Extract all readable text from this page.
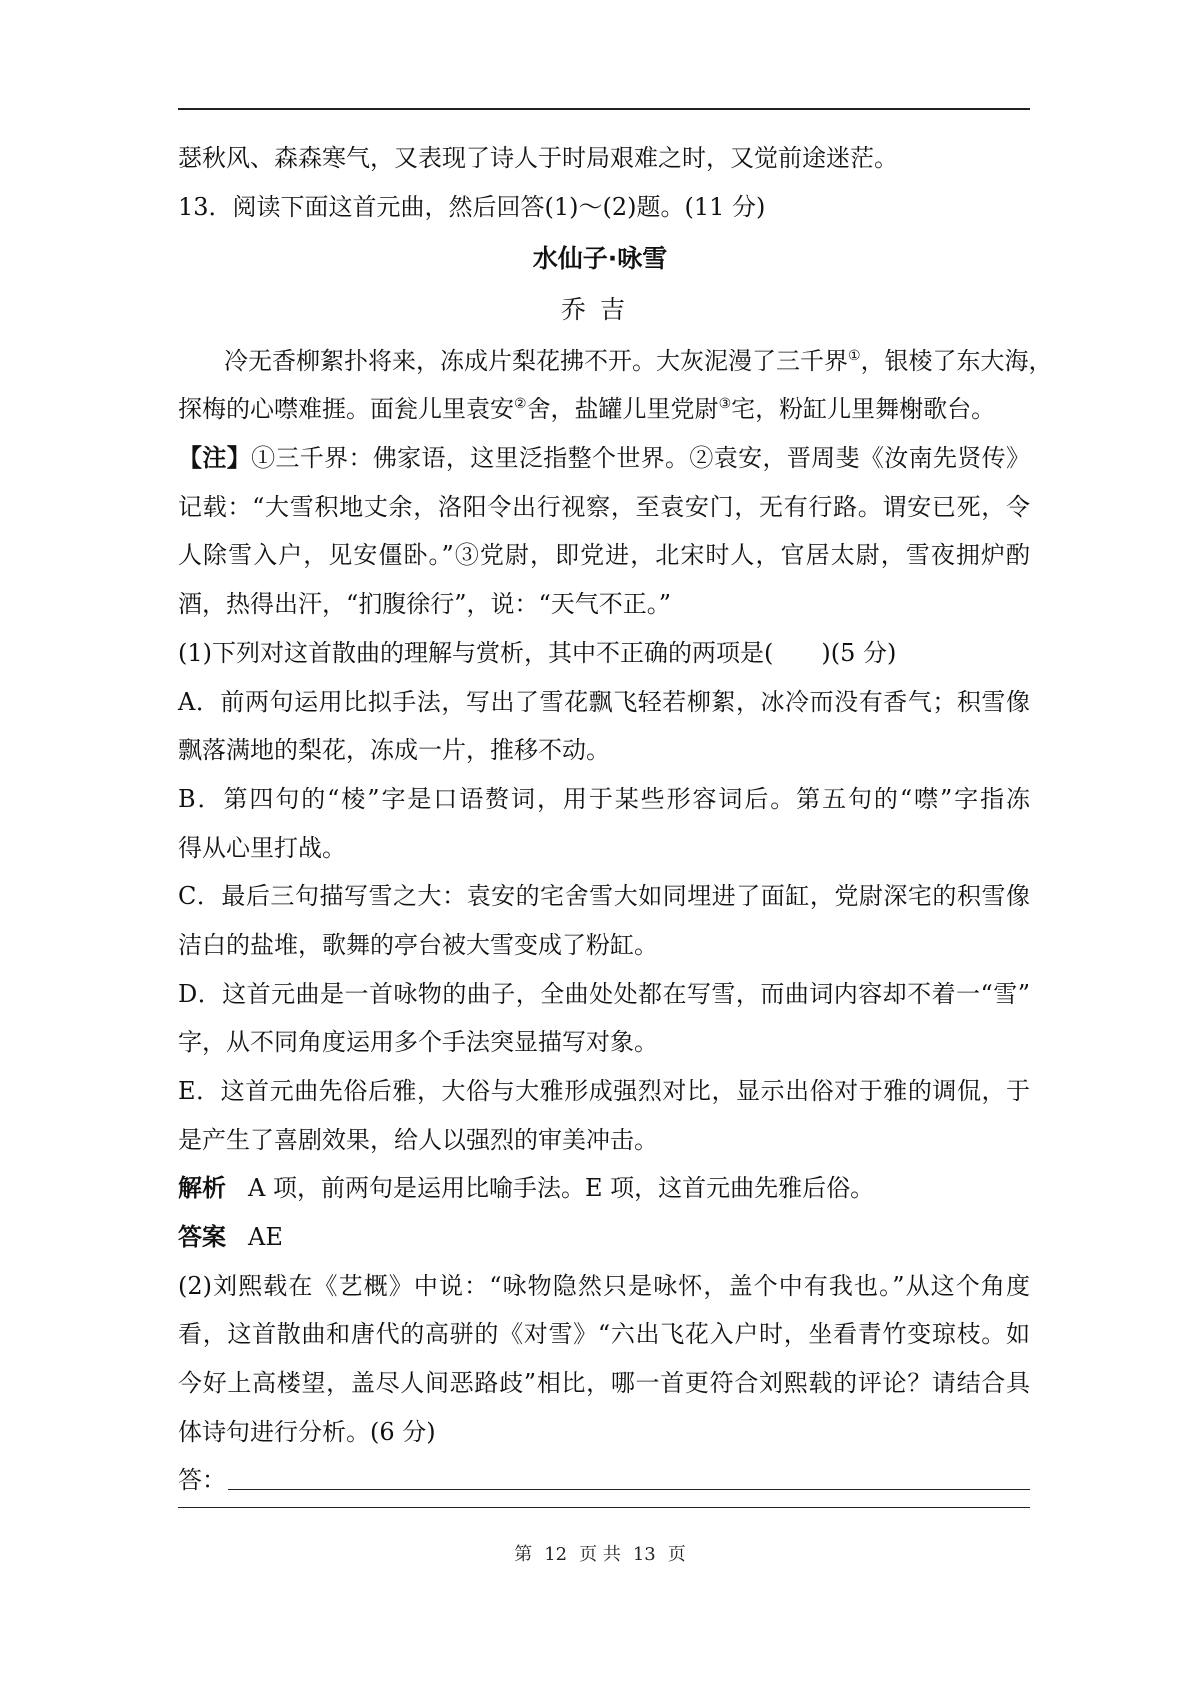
瑟秋风、森森寒气，又表现了诗人于时局艰难之时，又觉前途迷茫。
13．阅读下面这首元曲，然后回答(1)～(2)题。(11 分)
水仙子·咏雪
乔吉
冷无香柳絮扑将来，冻成片梨花拂不开。大灰泥漫了三千界①，银棱了东大海，
探梅的心噤难捱。面瓮儿里袁安②舍，盐罐儿里党尉③宅，粉缸儿里舞榭歌台。
【注】①三千界：佛家语，这里泛指整个世界。②袁安，晋周斐《汝南先贤传》
记载：“大雪积地丈余，洛阳令出行视察，至袁安门，无有行路。谓安已死，令
人除雪入户，见安僵卧。”③党尉，即党进，北宋时人，官居太尉，雪夜拥炉酌
酒，热得出汗，“扪腹徐行”，说：“天气不正。”
(1)下列对这首散曲的理解与赏析，其中不正确的两项是(　　)(5 分)
A．前两句运用比拟手法，写出了雪花飘飞轻若柳絮，冰冷而没有香气；积雪像
飘落满地的梨花，冻成一片，推移不动。
B．第四句的“棱”字是口语赘词，用于某些形容词后。第五句的“噤”字指冻
得从心里打战。
C．最后三句描写雪之大：袁安的宅舍雪大如同埋进了面缸，党尉深宅的积雪像
洁白的盐堆，歌舞的亭台被大雪变成了粉缸。
D．这首元曲是一首咏物的曲子，全曲处处都在写雪，而曲词内容却不着一“雪”
字，从不同角度运用多个手法突显描写对象。
E．这首元曲先俗后雅，大俗与大雅形成强烈对比，显示出俗对于雅的调侃，于
是产生了喜剧效果，给人以强烈的审美冲击。
解析 A 项，前两句是运用比喻手法。E 项，这首元曲先雅后俗。
答案 AE
(2)刘熙载在《艺概》中说：“咏物隐然只是咏怀，盖个中有我也。”从这个角度
看，这首散曲和唐代的高骈的《对雪》“六出飞花入户时，坐看青竹变琼枝。如
今好上高楼望，盖尽人间恶路歧”相比，哪一首更符合刘熙载的评论？请结合具
体诗句进行分析。(6 分)
答：
第 12 页 共 13 页
